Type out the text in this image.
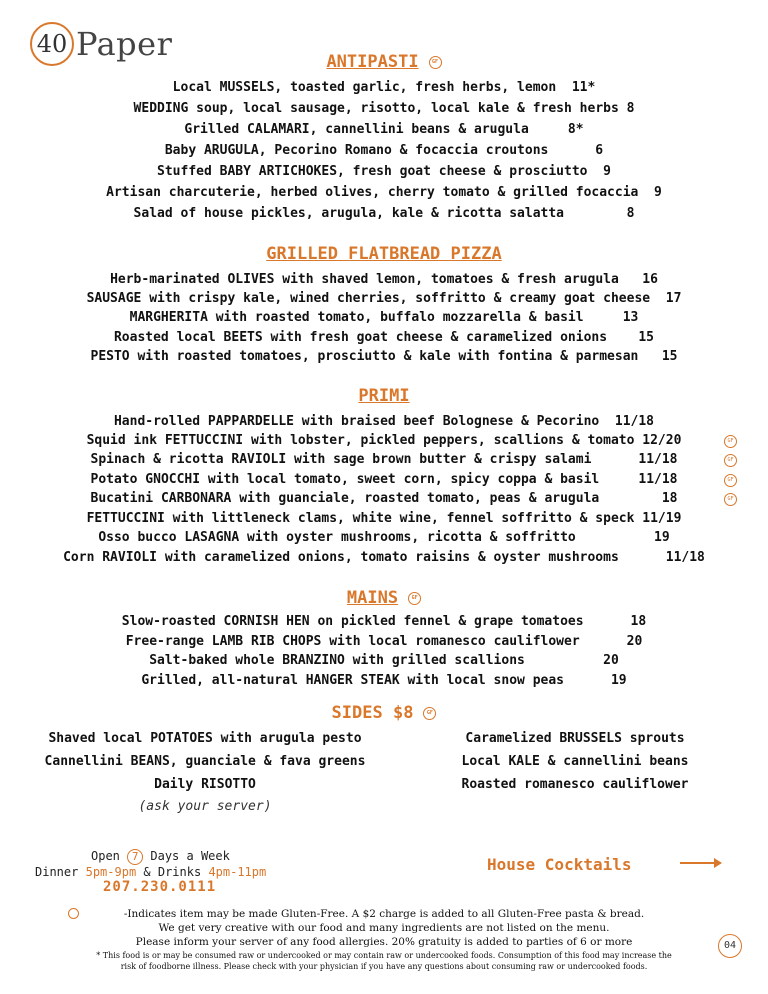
40 Paper	ANTIPASTI	GF
Local MUSSELS, toasted garlic, fresh herbs, lemon  11*
WEDDING soup, local sausage, risotto, local kale & fresh herbs 8
Grilled CALAMARI, cannellini beans & arugula     8*
Baby ARUGULA, Pecorino Romano & focaccia croutons      6
Stuffed BABY ARTICHOKES, fresh goat cheese & prosciutto  9
Artisan charcuterie, herbed olives, cherry tomato & grilled focaccia  9
Salad of house pickles, arugula, kale & ricotta salatta        8
GRILLED FLATBREAD PIZZA
Herb-marinated OLIVES with shaved lemon, tomatoes & fresh arugula   16
SAUSAGE with crispy kale, wined cherries, soffritto & creamy goat cheese  17
MARGHERITA with roasted tomato, buffalo mozzarella & basil     13
Roasted local BEETS with fresh goat cheese & caramelized onions    15
PESTO with roasted tomatoes, prosciutto & kale with fontina & parmesan   15
PRIMI
Hand-rolled PAPPARDELLE with braised beef Bolognese & Pecorino  11/18
Squid ink FETTUCCINI with lobster, pickled peppers, scallions & tomato 12/20
Spinach & ricotta RAVIOLI with sage brown butter & crispy salami      11/18
Potato GNOCCHI with local tomato, sweet corn, spicy coppa & basil     11/18
Bucatini CARBONARA with guanciale, roasted tomato, peas & arugula        18
FETTUCCINI with littleneck clams, white wine, fennel soffritto & speck 11/19
Osso bucco LASAGNA with oyster mushrooms, ricotta & soffritto          19
Corn RAVIOLI with caramelized onions, tomato raisins & oyster mushrooms      11/18
GF
GF
GF
GF
MAINS	GF
Slow-roasted CORNISH HEN on pickled fennel & grape tomatoes      18
Free-range LAMB RIB CHOPS with local romanesco cauliflower      20
Salt-baked whole BRANZINO with grilled scallions          20
Grilled, all-natural HANGER STEAK with local snow peas      19
SIDES $8	GF
Shaved local POTATOES with arugula pesto
Cannellini BEANS, guanciale & fava greens
Daily RISOTTO
(ask your server)
Caramelized BRUSSELS sprouts
Local KALE & cannellini beans
Roasted romanesco cauliflower
Open 7 Days a Week
Dinner 5pm-9pm & Drinks 4pm-11pm
207.230.0111
House Cocktails
-Indicates item may be made Gluten-Free. A $2 charge is added to all Gluten-Free pasta & bread.
We get very creative with our food and many ingredients are not listed on the menu.
Please inform your server of any food allergies. 20% gratuity is added to parties of 6 or more
* This food is or may be consumed raw or undercooked or may contain raw or undercooked foods. Consumption of this food may increase the
risk of foodborne illness. Please check with your physician if you have any questions about consuming raw or undercooked foods.
04
